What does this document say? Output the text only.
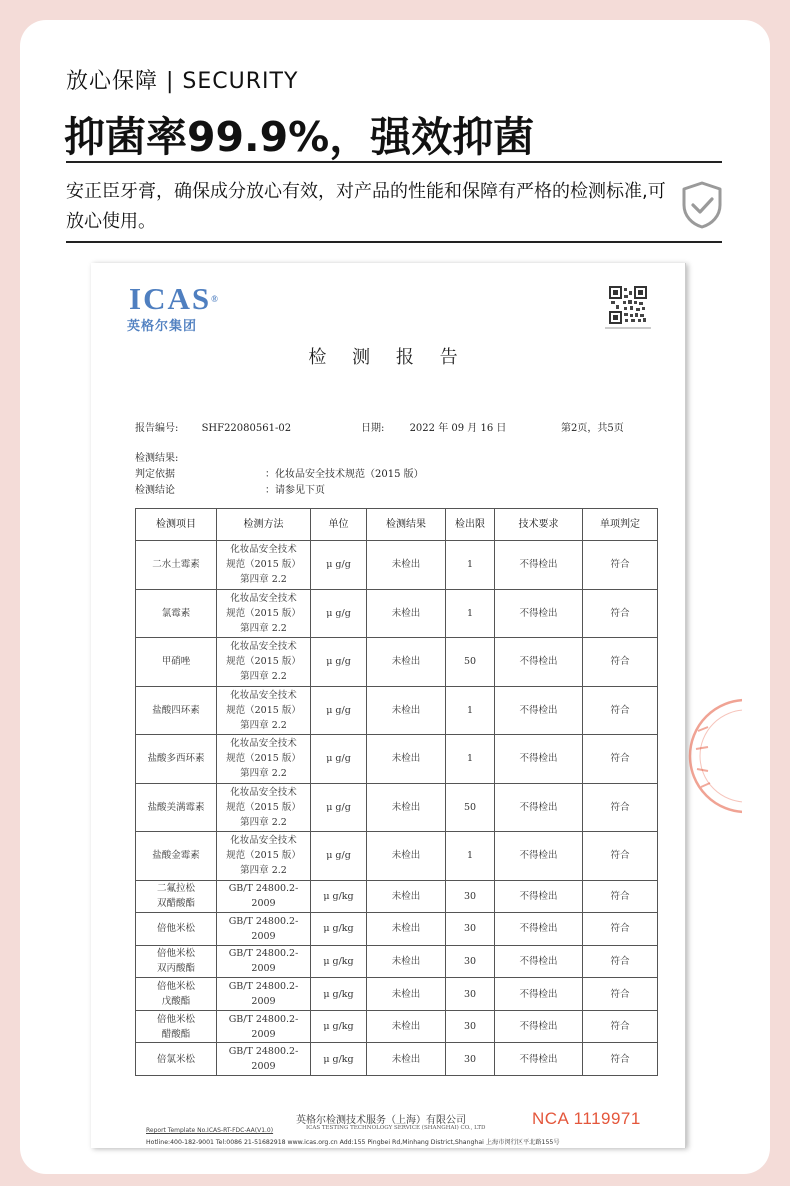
放心保障 | SECURITY
抑菌率99.9%，强效抑菌
安正臣牙膏，确保成分放心有效，对产品的性能和保障有严格的检测标准,可放心使用。
ICAS®
英格尔集团
检 测 报 告
报告编号: SHF22080561-02	日期:	2022 年 09 月 16 日	第2页，共5页
检测结果:
判定依据	：化妆品安全技术规范（2015 版）
检测结论	：请参见下页
检测项目	检测方法	单位	检测结果	检出限	技术要求	单项判定
二水土霉素	化妆品安全技术
规范（2015 版）
第四章 2.2	μ g/g	未检出	1	不得检出	符合
氯霉素	化妆品安全技术
规范（2015 版）
第四章 2.2	μ g/g	未检出	1	不得检出	符合
甲硝唑	化妆品安全技术
规范（2015 版）
第四章 2.2	μ g/g	未检出	50	不得检出	符合
盐酸四环素	化妆品安全技术
规范（2015 版）
第四章 2.2	μ g/g	未检出	1	不得检出	符合
盐酸多西环素	化妆品安全技术
规范（2015 版）
第四章 2.2	μ g/g	未检出	1	不得检出	符合
盐酸美满霉素	化妆品安全技术
规范（2015 版）
第四章 2.2	μ g/g	未检出	50	不得检出	符合
盐酸金霉素	化妆品安全技术
规范（2015 版）
第四章 2.2	μ g/g	未检出	1	不得检出	符合
二氟拉松
双醋酸酯	GB/T 24800.2-2009	μ g/kg	未检出	30	不得检出	符合
倍他米松	GB/T 24800.2-2009	μ g/kg	未检出	30	不得检出	符合
倍他米松
双丙酸酯	GB/T 24800.2-2009	μ g/kg	未检出	30	不得检出	符合
倍他米松
戊酸酯	GB/T 24800.2-2009	μ g/kg	未检出	30	不得检出	符合
倍他米松
醋酸酯	GB/T 24800.2-2009	μ g/kg	未检出	30	不得检出	符合
倍氯米松	GB/T 24800.2-2009	μ g/kg	未检出	30	不得检出	符合
英格尔检测技术服务（上海）有限公司
ICAS TESTING TECHNOLOGY SERVICE (SHANGHAI) CO., LTD
Report Template No.ICAS-RT-FDC-AA(V1.0)
Hotline:400-182-9001 Tel:0086 21-51682918 www.icas.org.cn Add:155 Pingbei Rd,Minhang District,Shanghai 上海市闵行区平北路155号
NCA 1119971
